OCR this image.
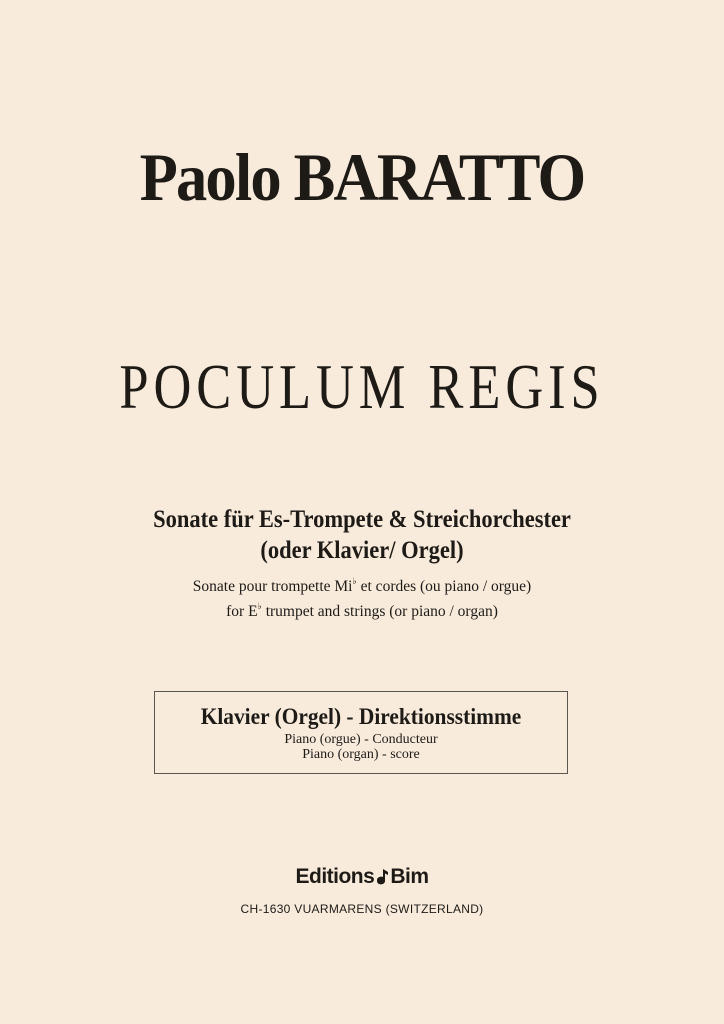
Paolo BARATTO
POCULUM REGIS
Sonate für Es-Trompete & Streichorchester
(oder Klavier/ Orgel)
Sonate pour trompette Mi♭ et cordes (ou piano / orgue)
for E♭ trumpet and strings (or piano / organ)
Klavier (Orgel) - Direktionsstimme
Piano (orgue) - Conducteur
Piano (organ) - score
Editions Bim
CH-1630 VUARMARENS (SWITZERLAND)
